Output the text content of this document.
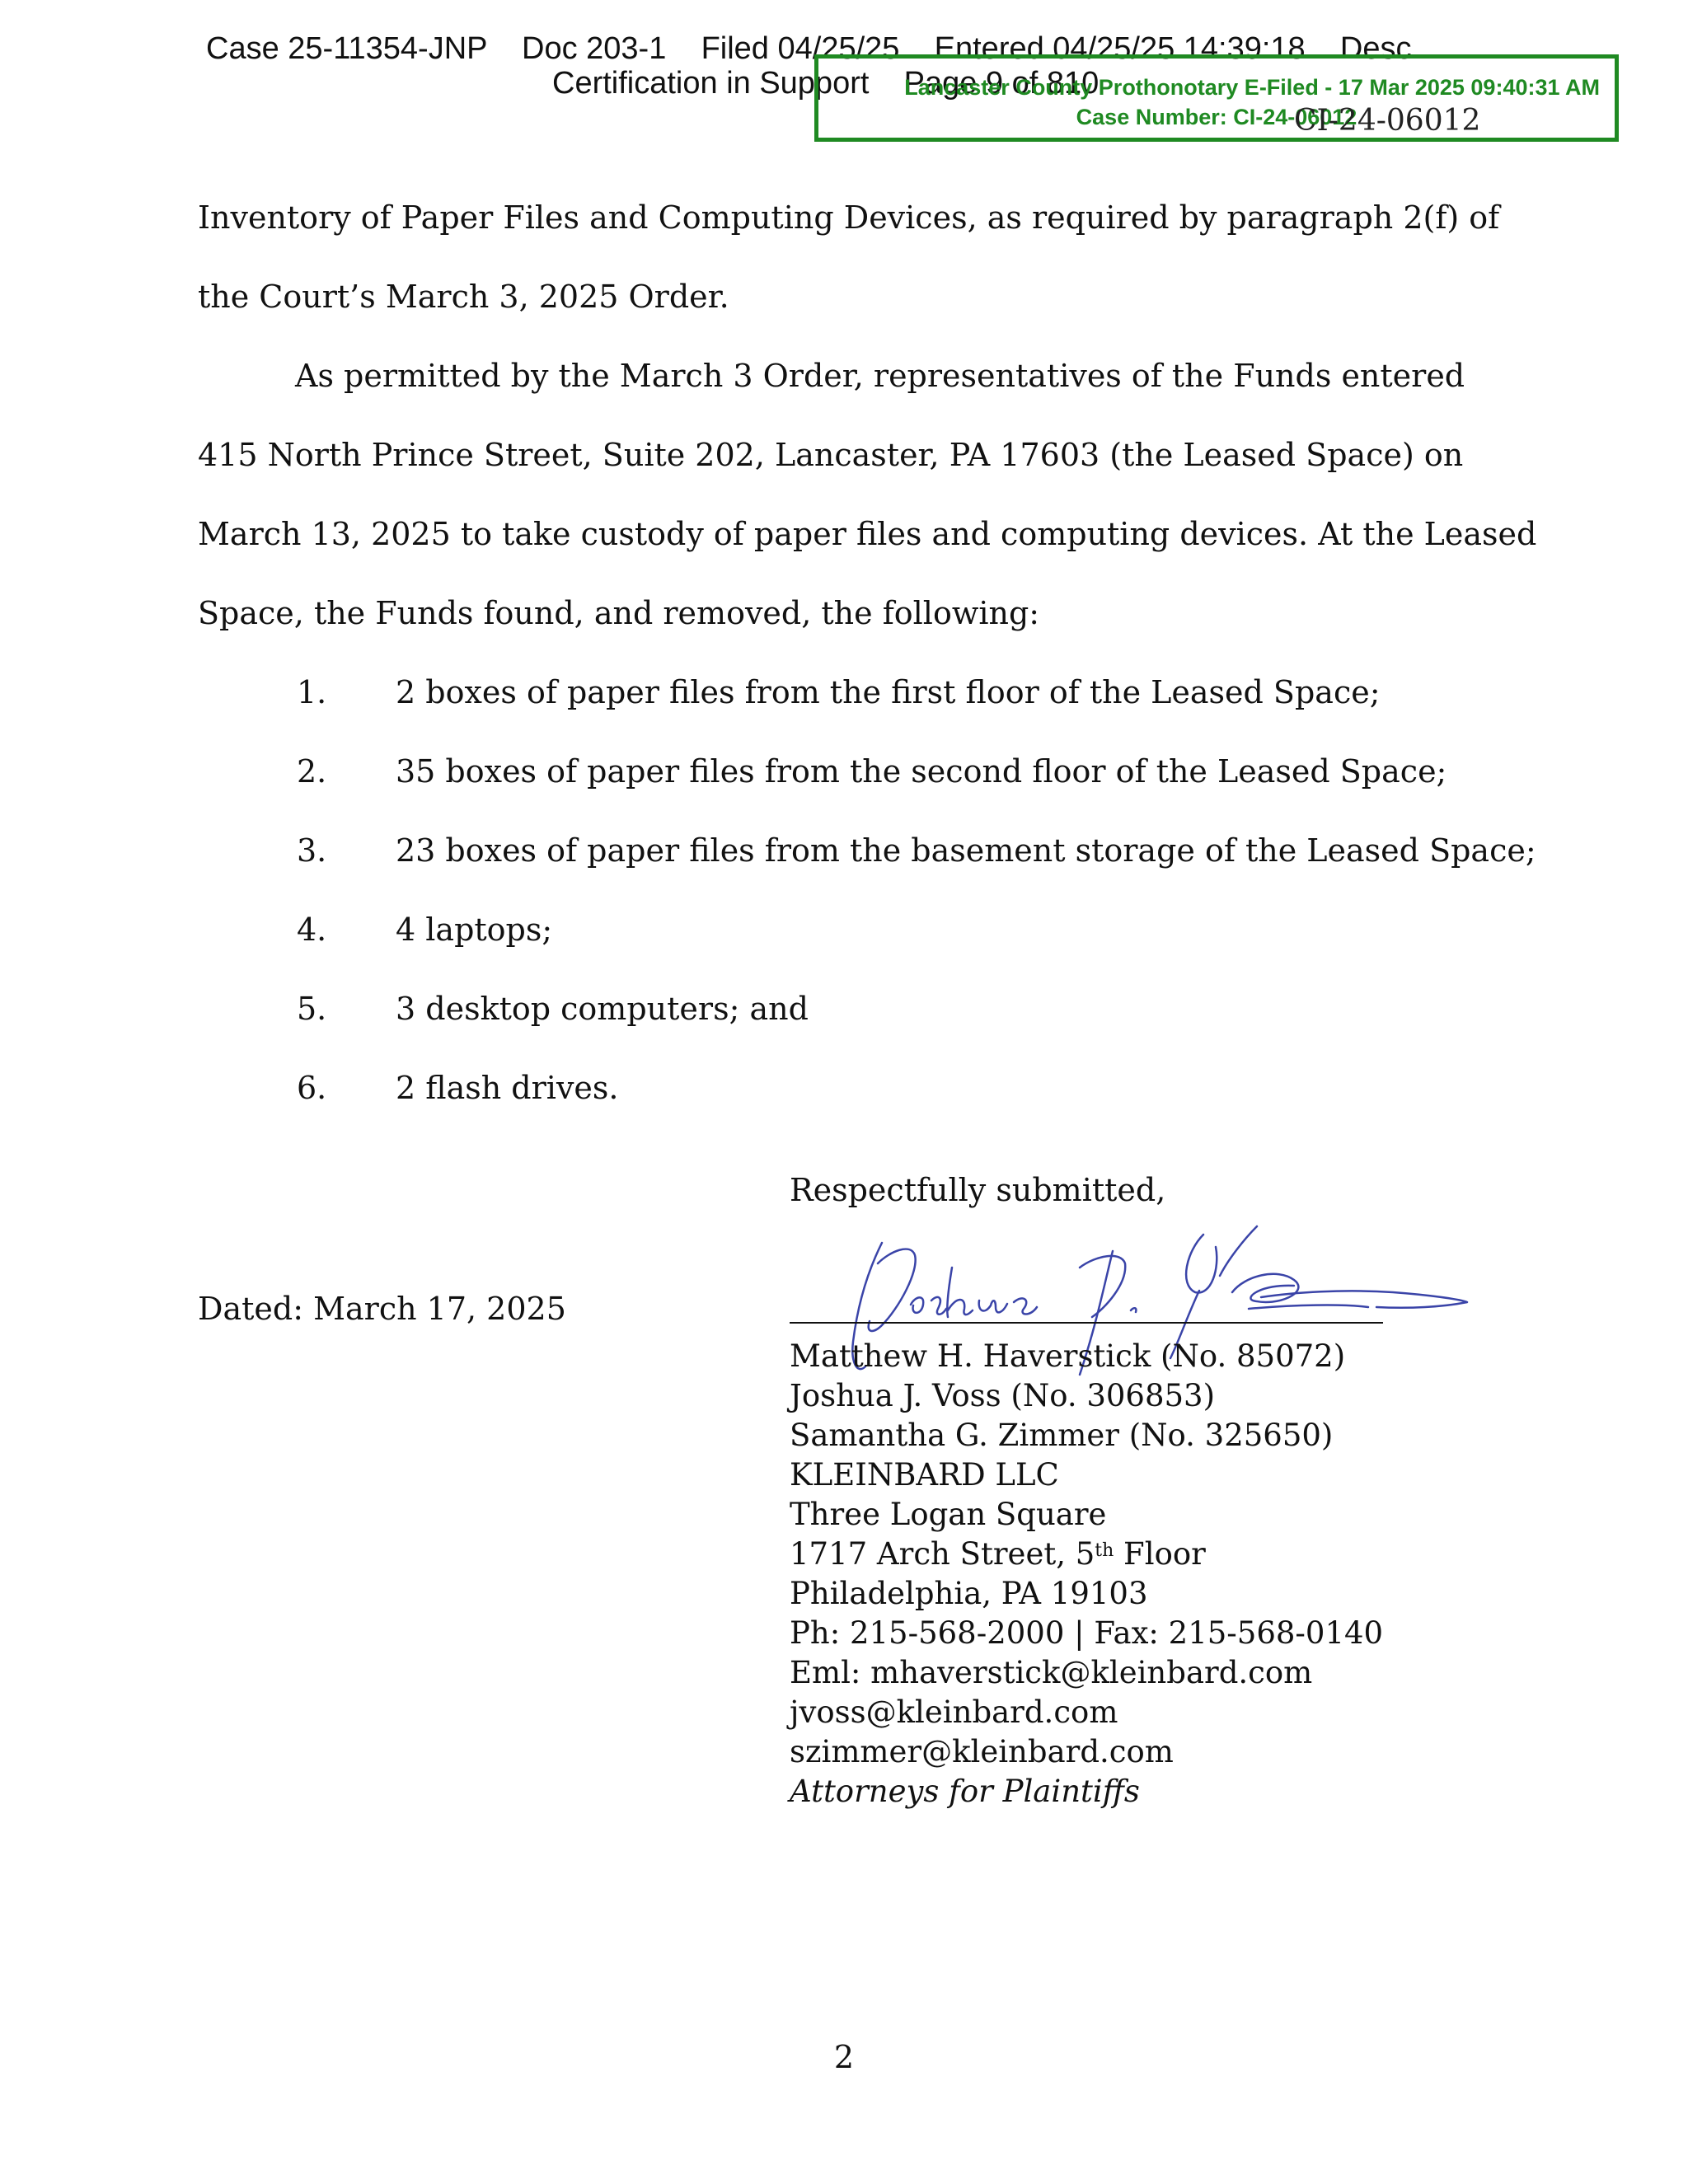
Case 25-11354-JNP    Doc 203-1    Filed 04/25/25    Entered 04/25/25 14:39:18    Desc
Certification in Support    Page 9 of 810
Lancaster County Prothonotary E-Filed - 17 Mar 2025 09:40:31 AM
Case Number: CI-24-06012
CI-24-06012
Inventory of Paper Files and Computing Devices, as required by paragraph 2(f) of
the Court’s March 3, 2025 Order.
As permitted by the March 3 Order, representatives of the Funds entered
415 North Prince Street, Suite 202, Lancaster, PA 17603 (the Leased Space) on
March 13, 2025 to take custody of paper files and computing devices. At the Leased
Space, the Funds found, and removed, the following:
1. 2 boxes of paper files from the first floor of the Leased Space;
2. 35 boxes of paper files from the second floor of the Leased Space;
3. 23 boxes of paper files from the basement storage of the Leased Space;
4. 4 laptops;
5. 3 desktop computers; and
6. 2 flash drives.
Respectfully submitted,
Dated: March 17, 2025
Matthew H. Haverstick (No. 85072)
Joshua J. Voss (No. 306853)
Samantha G. Zimmer (No. 325650)
KLEINBARD LLC
Three Logan Square
1717 Arch Street, 5th Floor
Philadelphia, PA 19103
Ph: 215-568-2000 | Fax: 215-568-0140
Eml: mhaverstick@kleinbard.com
jvoss@kleinbard.com
szimmer@kleinbard.com
Attorneys for Plaintiffs
2
